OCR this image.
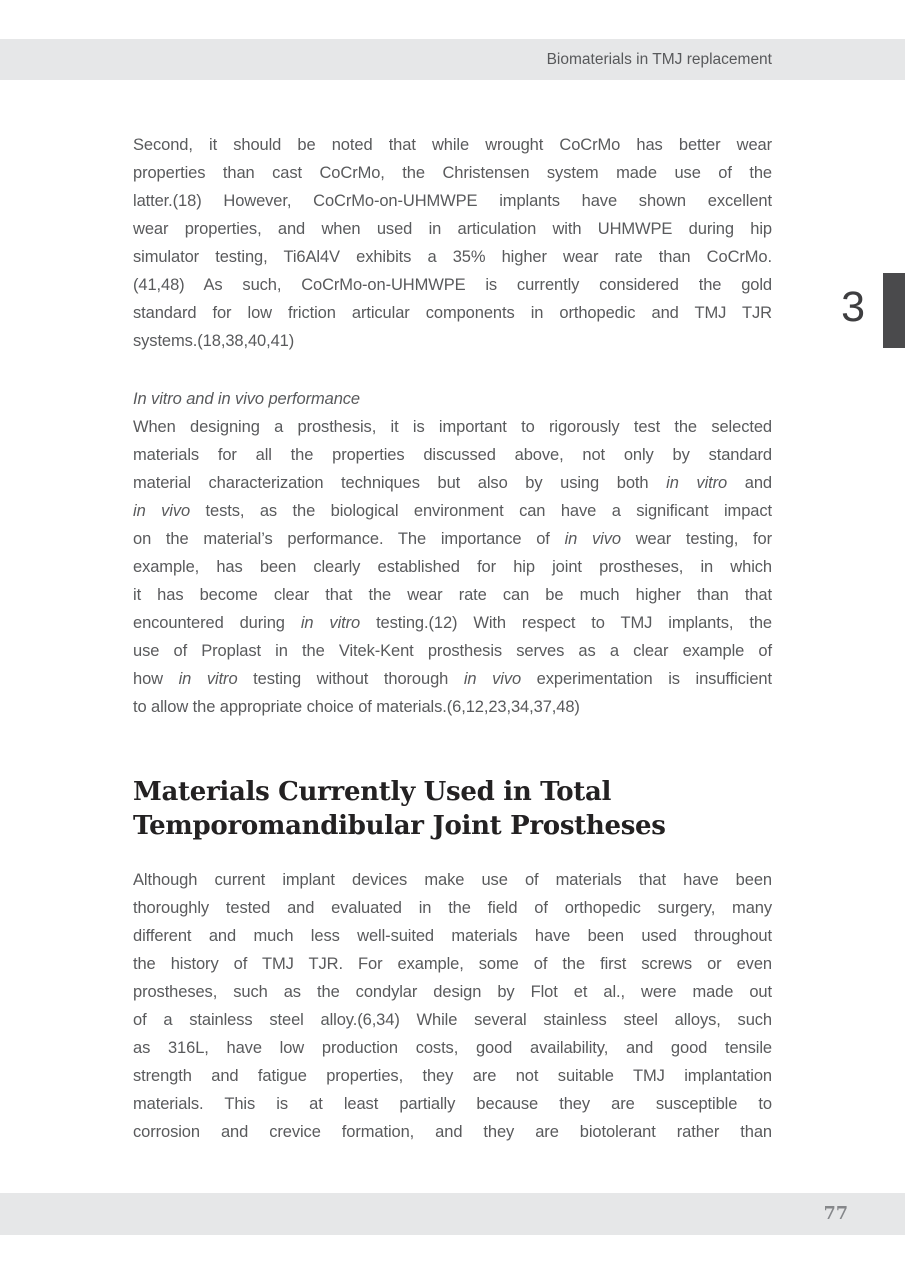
Biomaterials in TMJ replacement
Second, it should be noted that while wrought CoCrMo has better wear
properties than cast CoCrMo, the Christensen system made use of the
latter.(18) However, CoCrMo-on-UHMWPE implants have shown excellent
wear properties, and when used in articulation with UHMWPE during hip
simulator testing, Ti6Al4V exhibits a 35% higher wear rate than CoCrMo.
(41,48) As such, CoCrMo-on-UHMWPE is currently considered the gold
standard for low friction articular components in orthopedic and TMJ TJR
systems.(18,38,40,41)
In vitro and in vivo performance
When designing a prosthesis, it is important to rigorously test the selected
materials for all the properties discussed above, not only by standard
material characterization techniques but also by using both in vitro and
in vivo tests, as the biological environment can have a significant impact
on the material’s performance. The importance of in vivo wear testing, for
example, has been clearly established for hip joint prostheses, in which
it has become clear that the wear rate can be much higher than that
encountered during in vitro testing.(12) With respect to TMJ implants, the
use of Proplast in the Vitek-Kent prosthesis serves as a clear example of
how in vitro testing without thorough in vivo experimentation is insufficient
to allow the appropriate choice of materials.(6,12,23,34,37,48)
Materials Currently Used in Total
Temporomandibular Joint Prostheses
Although current implant devices make use of materials that have been
thoroughly tested and evaluated in the field of orthopedic surgery, many
different and much less well-suited materials have been used throughout
the history of TMJ TJR. For example, some of the first screws or even
prostheses, such as the condylar design by Flot et al., were made out
of a stainless steel alloy.(6,34) While several stainless steel alloys, such
as 316L, have low production costs, good availability, and good tensile
strength and fatigue properties, they are not suitable TMJ implantation
materials. This is at least partially because they are susceptible to
corrosion and crevice formation, and they are biotolerant rather than
3
77
